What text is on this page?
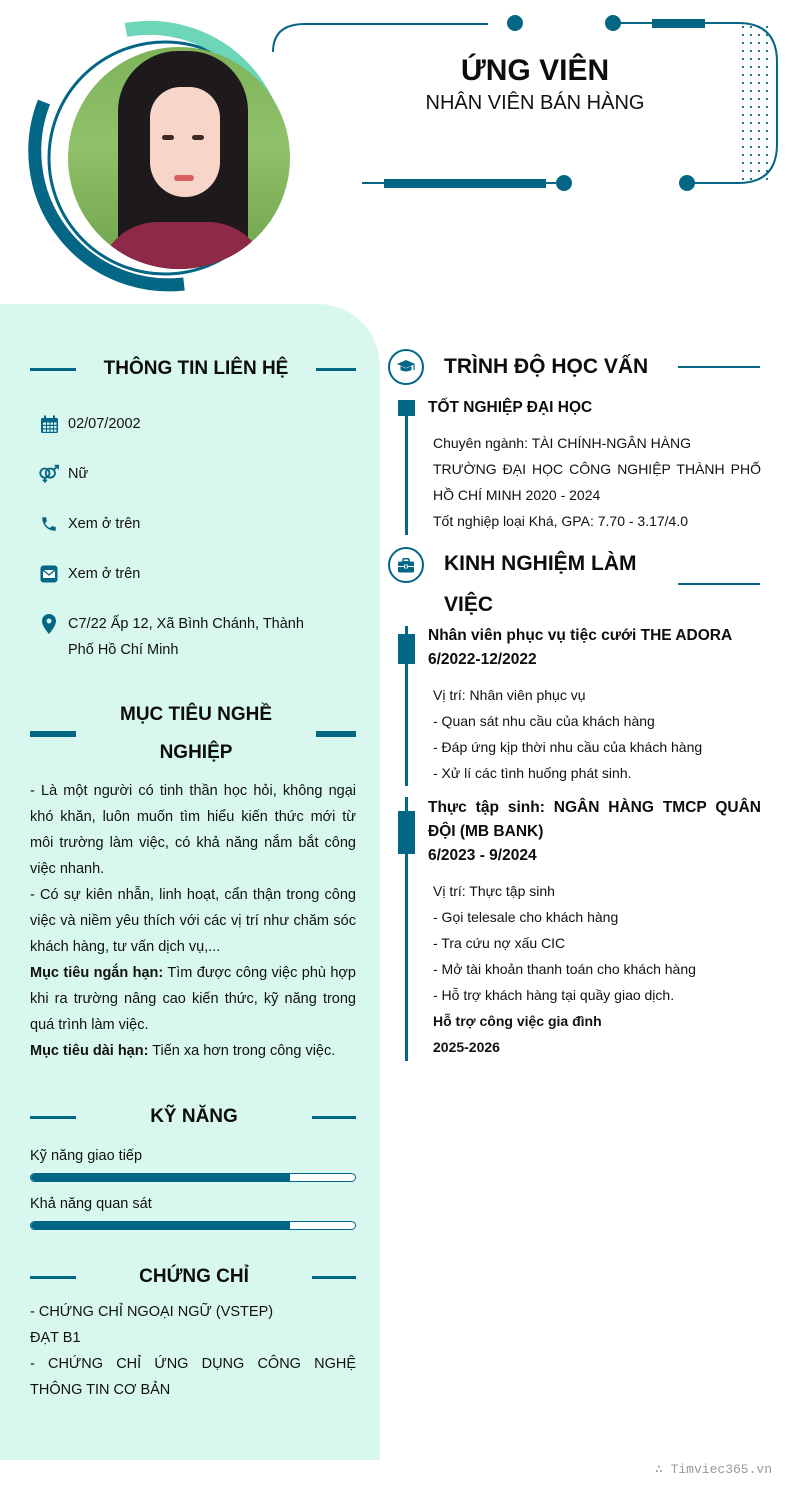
ỨNG VIÊN
NHÂN VIÊN BÁN HÀNG
THÔNG TIN LIÊN HỆ
02/07/2002
Nữ
Xem ở trên
Xem ở trên
C7/22 Ấp 12, Xã Bình Chánh, Thành Phố Hồ Chí Minh
MỤC TIÊU NGHỀ
NGHIỆP
- Là một người có tinh thần học hỏi, không ngại khó khăn, luôn muốn tìm hiểu kiến thức mới từ môi trường làm việc, có khả năng nắm bắt công việc nhanh.
- Có sự kiên nhẫn, linh hoạt, cẩn thận trong công việc và niềm yêu thích với các vị trí như chăm sóc khách hàng, tư vấn dịch vụ,...
Mục tiêu ngắn hạn: Tìm được công việc phù hợp khi ra trường nâng cao kiến thức, kỹ năng trong quá trình làm việc.
Mục tiêu dài hạn: Tiến xa hơn trong công việc.
KỸ NĂNG
Kỹ năng giao tiếp
Khả năng quan sát
CHỨNG CHỈ
- CHỨNG CHỈ NGOẠI NGỮ (VSTEP)
ĐẠT B1
- CHỨNG CHỈ ỨNG DỤNG CÔNG NGHỆ THÔNG TIN CƠ BẢN
TRÌNH ĐỘ HỌC VẤN
TỐT NGHIỆP ĐẠI HỌC
Chuyên ngành: TÀI CHÍNH-NGÂN HÀNG
TRƯỜNG ĐẠI HỌC CÔNG NGHIỆP THÀNH PHỐ HỒ CHÍ MINH 2020 - 2024
Tốt nghiệp loại Khá, GPA: 7.70 - 3.17/4.0
KINH NGHIỆM LÀM
VIỆC
Nhân viên phục vụ tiệc cưới THE ADORA
6/2022-12/2022
Vị trí: Nhân viên phục vụ
- Quan sát nhu cầu của khách hàng
- Đáp ứng kịp thời nhu cầu của khách hàng
- Xử lí các tình huống phát sinh.
Thực tập sinh: NGÂN HÀNG TMCP QUÂN ĐỘI (MB BANK)
6/2023 - 9/2024
Vị trí: Thực tập sinh
- Gọi telesale cho khách hàng
- Tra cứu nợ xấu CIC
- Mở tài khoản thanh toán cho khách hàng
- Hỗ trợ khách hàng tại quầy giao dịch.
Hỗ trợ công việc gia đình
2025-2026
∴ Timviec365.vn
